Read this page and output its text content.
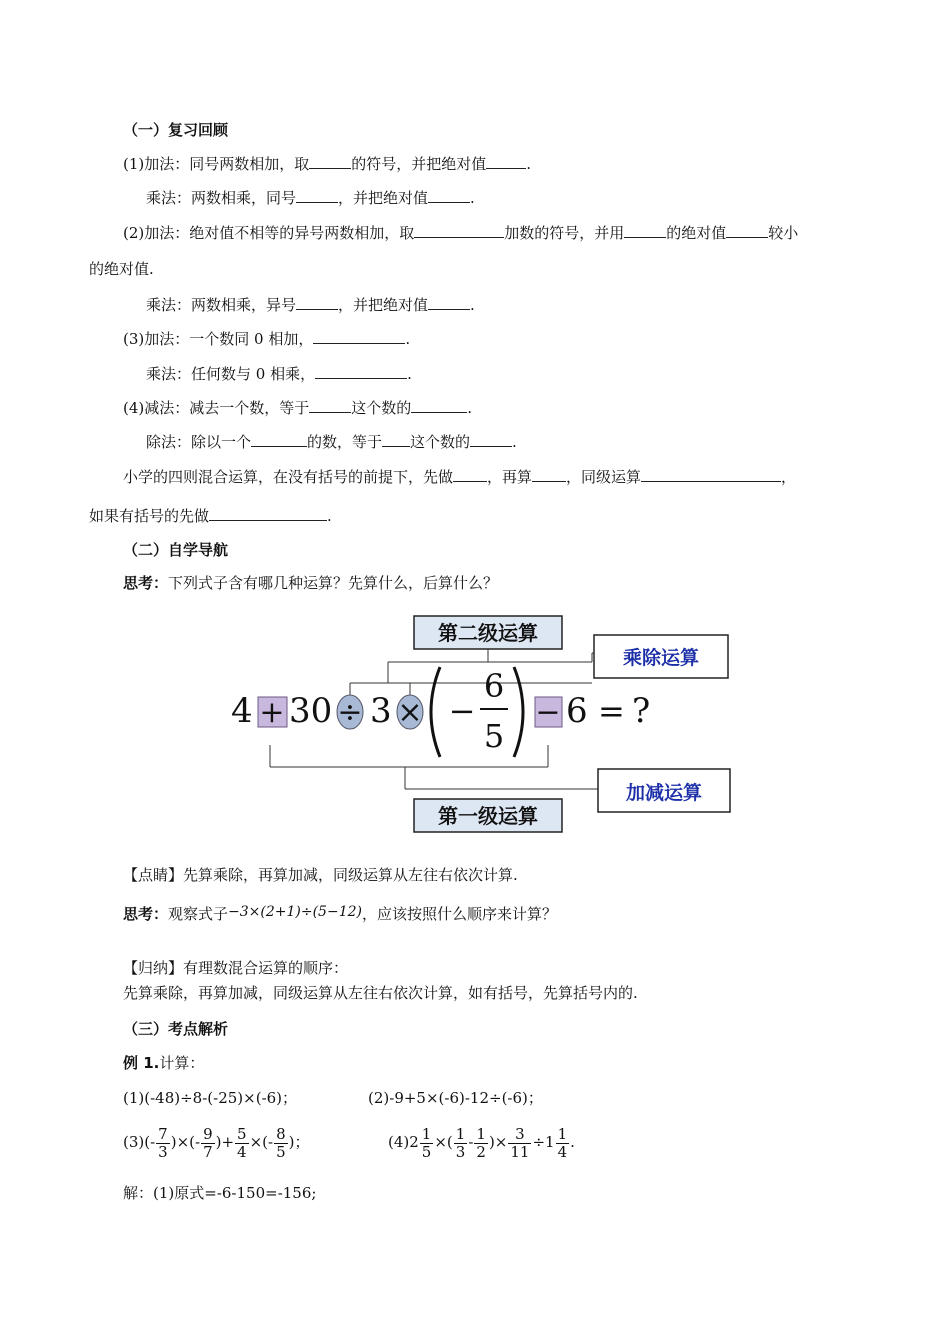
（一）复习回顾
(1)加法：同号两数相加，取	的符号，并把绝对值	.
乘法：两数相乘，同号	，并把绝对值	.
(2)加法：绝对值不相等的异号两数相加，取	加数的符号，并用	的绝对值	较小
的绝对值.
乘法：两数相乘，异号	，并把绝对值	.
(3)加法：一个数同 0 相加，	.
乘法：任何数与 0 相乘，	.
(4)减法：减去一个数，等于	这个数的	.
除法：除以一个	的数，等于 这个数的	.
小学的四则混合运算，在没有括号的前提下，先做 ，再算 ，同级运算	，
如果有括号的先做	.
（二）自学导航
思考：下列式子含有哪几种运算？先算什么，后算什么？
第二级运算
乘除运算
4 + 30 ÷ 3 × −
6
5
− 6 = ?
加减运算
第一级运算
【点睛】先算乘除，再算加减，同级运算从左往右依次计算.
思考：观察式子−3×(2+1)÷(5−12)，应该按照什么顺序来计算？
【归纳】有理数混合运算的顺序：
先算乘除，再算加减，同级运算从左往右依次计算，如有括号，先算括号内的.
（三）考点解析
例 1.计算：
(1)(-48)÷8-(-25)×(-6)；	(2)-9+5×(-6)-12÷(-6)；
$(3)(- \frac{7}{3}$ )×(- $\frac{9}{7}$ )+ $\frac{5}{4}$ ×(- $\frac{8}{5}$ )；	$(4)2 \frac{1}{5}$ ×( $\frac{1}{3} - \frac{1}{2}$ )× $\frac{3}{11} \div 1 \frac{1}{4}$ .
解：(1)原式=-6-150=-156;
